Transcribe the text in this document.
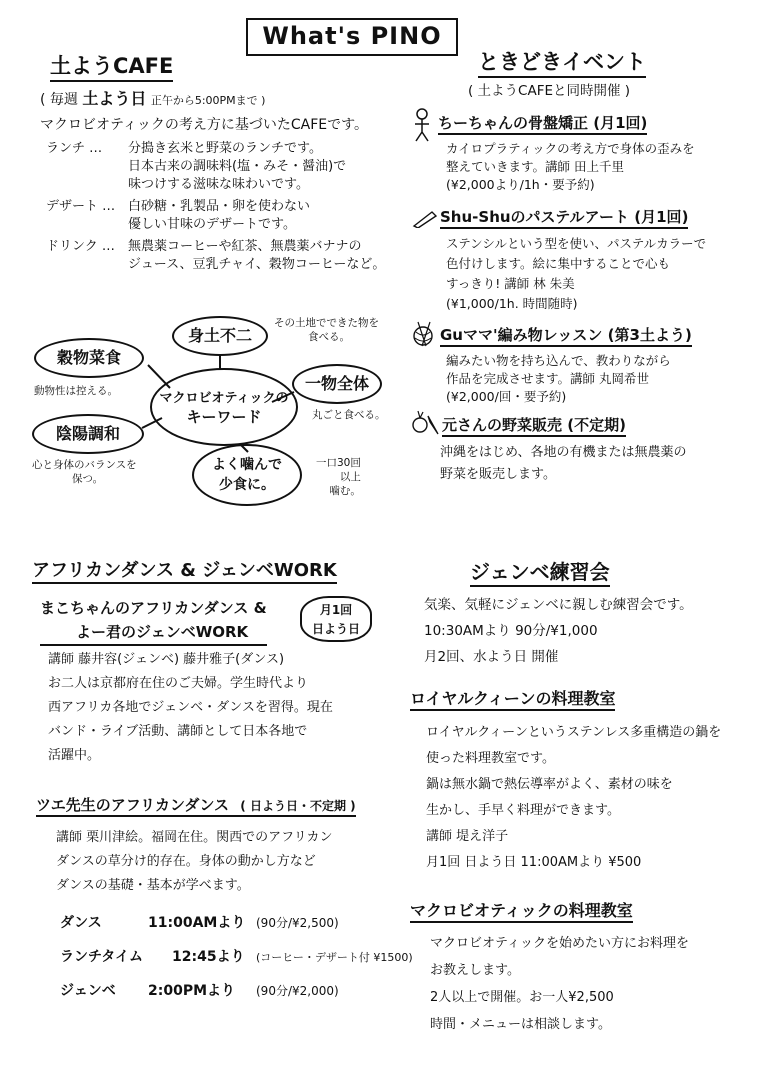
What's PINO
土ようCAFE
( 毎週 土よう日 正午から5:00PMまで )
マクロビオティックの考え方に基づいたCAFEです。
ランチ …	分搗き玄米と野菜のランチです。
日本古来の調味料(塩・みそ・醤油)で
味つけする滋味な味わいです。
デザート … 白砂糖・乳製品・卵を使わない
優しい甘味のデザートです。
ドリンク …	無農薬コーヒーや紅茶、無農薬バナナの
ジュース、豆乳チャイ、穀物コーヒーなど。
マクロビオティックの
キーワード
身土不二
その土地でできた物を
食べる。
穀物菜食
動物性は控える。	一物全体
丸ごと食べる。
陰陽調和
心と身体のバランスを
保つ。
よく噛んで
少食に。
一口30回
以上
噛む。
ときどきイベント
( 土ようCAFEと同時開催 )
ちーちゃんの骨盤矯正 (月1回)
カイロプラティックの考え方で身体の歪みを
整えていきます。講師 田上千里
(¥2,000より/1h・要予約)
Shu-Shuのパステルアート (月1回)
ステンシルという型を使い、パステルカラーで
色付けします。絵に集中することで心も
すっきり! 講師 林 朱美
(¥1,000/1h. 時間随時)
Guママ'編み物レッスン (第3土よう)
編みたい物を持ち込んで、教わりながら
作品を完成させます。講師 丸岡希世
(¥2,000/回・要予約)
元さんの野菜販売 (不定期)
沖縄をはじめ、各地の有機または無農薬の
野菜を販売します。
アフリカンダンス & ジェンベWORK
まこちゃんのアフリカンダンス &
よー君のジェンベWORK
月1回
日よう日
講師 藤井容(ジェンベ) 藤井雅子(ダンス)
お二人は京都府在住のご夫婦。学生時代より
西アフリカ各地でジェンベ・ダンスを習得。現在
バンド・ライブ活動、講師として日本各地で
活躍中。
ツエ先生のアフリカンダンス ( 日よう日・不定期 )
講師 栗川津絵。福岡在住。関西でのアフリカン
ダンスの草分け的存在。身体の動かし方など
ダンスの基礎・基本が学べます。
ダンス	11:00AMより (90分/¥2,500)
ランチタイム	12:45より	(コーヒー・デザート付 ¥1500)
ジェンベ	2:00PMより	(90分/¥2,000)
ジェンベ練習会
気楽、気軽にジェンベに親しむ練習会です。
10:30AMより 90分/¥1,000
月2回、水よう日 開催
ロイヤルクィーンの料理教室
ロイヤルクィーンというステンレス多重構造の鍋を
使った料理教室です。
鍋は無水鍋で熱伝導率がよく、素材の味を
生かし、手早く料理ができます。
講師 堤え洋子
月1回 日よう日 11:00AMより ¥500
マクロビオティックの料理教室
マクロビオティックを始めたい方にお料理を
お教えします。
2人以上で開催。お一人¥2,500
時間・メニューは相談します。
